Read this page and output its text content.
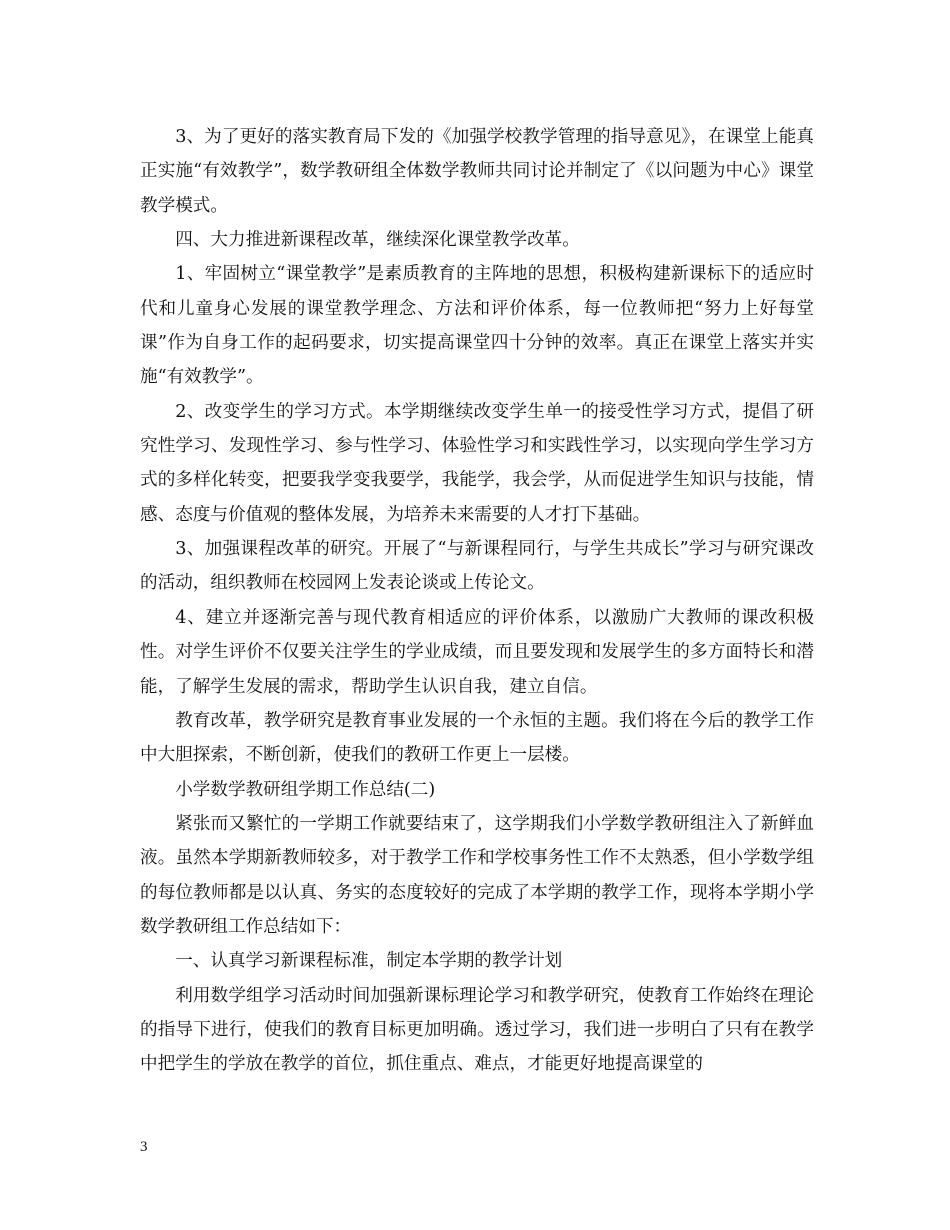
3、为了更好的落实教育局下发的《加强学校教学管理的指导意见》，在课堂上能真正实施“有效教学”，数学教研组全体数学教师共同讨论并制定了《以问题为中心》课堂教学模式。

四、大力推进新课程改革，继续深化课堂教学改革。

1、牢固树立“课堂教学”是素质教育的主阵地的思想，积极构建新课标下的适应时代和儿童身心发展的课堂教学理念、方法和评价体系，每一位教师把“努力上好每堂课”作为自身工作的起码要求，切实提高课堂四十分钟的效率。真正在课堂上落实并实施“有效教学”。

2、改变学生的学习方式。本学期继续改变学生单一的接受性学习方式，提倡了研究性学习、发现性学习、参与性学习、体验性学习和实践性学习，以实现向学生学习方式的多样化转变，把要我学变我要学，我能学，我会学，从而促进学生知识与技能，情感、态度与价值观的整体发展，为培养未来需要的人才打下基础。

3、加强课程改革的研究。开展了“与新课程同行，与学生共成长”学习与研究课改的活动，组织教师在校园网上发表论谈或上传论文。

4、建立并逐渐完善与现代教育相适应的评价体系，以激励广大教师的课改积极性。对学生评价不仅要关注学生的学业成绩，而且要发现和发展学生的多方面特长和潜能，了解学生发展的需求，帮助学生认识自我，建立自信。

教育改革，教学研究是教育事业发展的一个永恒的主题。我们将在今后的教学工作中大胆探索，不断创新，使我们的教研工作更上一层楼。

小学数学教研组学期工作总结(二)

紧张而又繁忙的一学期工作就要结束了，这学期我们小学数学教研组注入了新鲜血液。虽然本学期新教师较多，对于教学工作和学校事务性工作不太熟悉，但小学数学组的每位教师都是以认真、务实的态度较好的完成了本学期的教学工作，现将本学期小学数学教研组工作总结如下：

一、认真学习新课程标准，制定本学期的教学计划

利用数学组学习活动时间加强新课标理论学习和教学研究，使教育工作始终在理论的指导下进行，使我们的教育目标更加明确。透过学习，我们进一步明白了只有在教学中把学生的学放在教学的首位，抓住重点、难点，才能更好地提高课堂的

3
